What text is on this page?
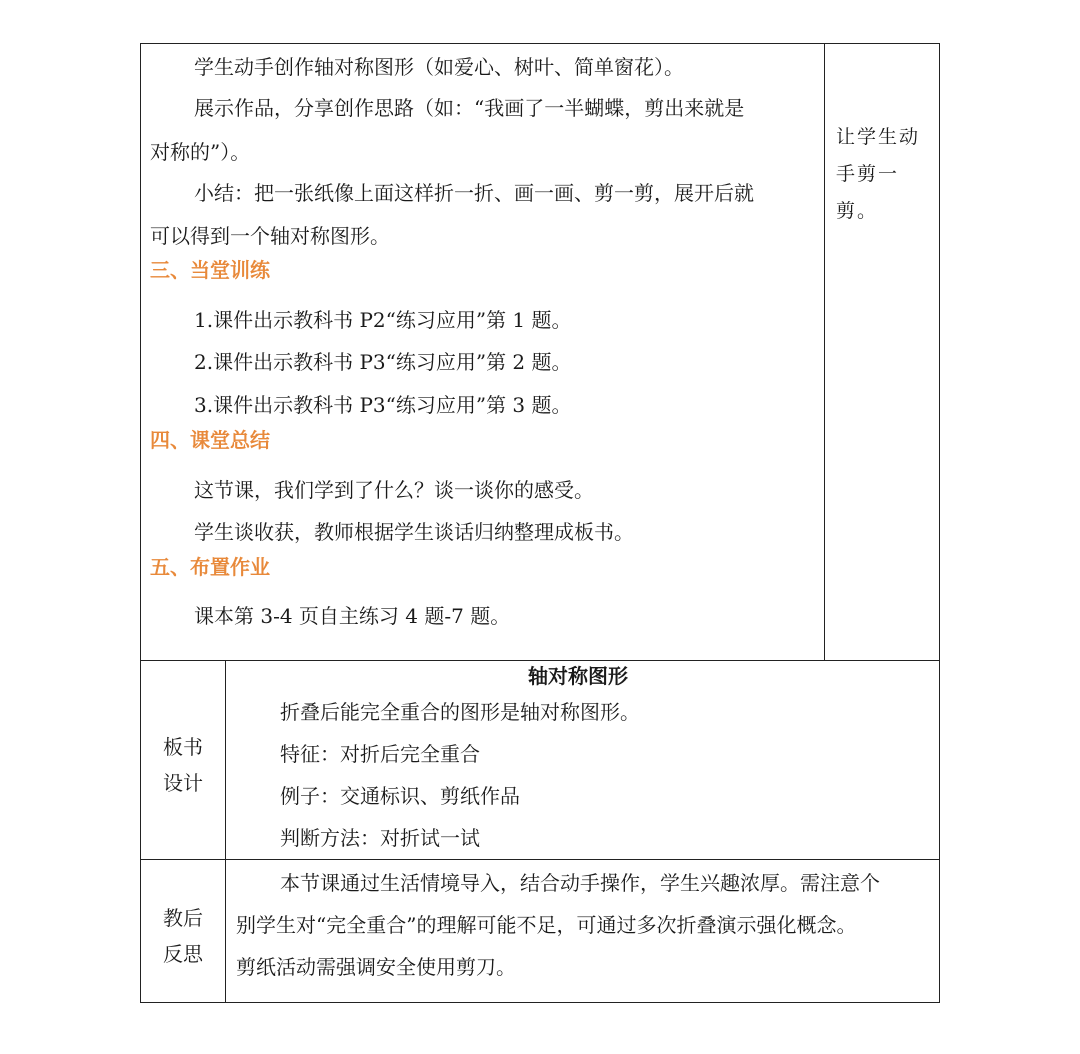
学生动手创作轴对称图形（如爱心、树叶、简单窗花）。
展示作品，分享创作思路（如：“我画了一半蝴蝶，剪出来就是
对称的”）。
小结：把一张纸像上面这样折一折、画一画、剪一剪，展开后就
可以得到一个轴对称图形。
三、当堂训练
1.课件出示教科书 P2“练习应用”第 1 题。
2.课件出示教科书 P3“练习应用”第 2 题。
3.课件出示教科书 P3“练习应用”第 3 题。
四、课堂总结
这节课，我们学到了什么？谈一谈你的感受。
学生谈收获，教师根据学生谈话归纳整理成板书。
五、布置作业
课本第 3-4 页自主练习 4 题-7 题。
让学生动
手剪一
剪。
板书
设计
轴对称图形
折叠后能完全重合的图形是轴对称图形。
特征：对折后完全重合
例子：交通标识、剪纸作品
判断方法：对折试一试
教后
反思
本节课通过生活情境导入，结合动手操作，学生兴趣浓厚。需注意个
别学生对“完全重合”的理解可能不足，可通过多次折叠演示强化概念。
剪纸活动需强调安全使用剪刀。
